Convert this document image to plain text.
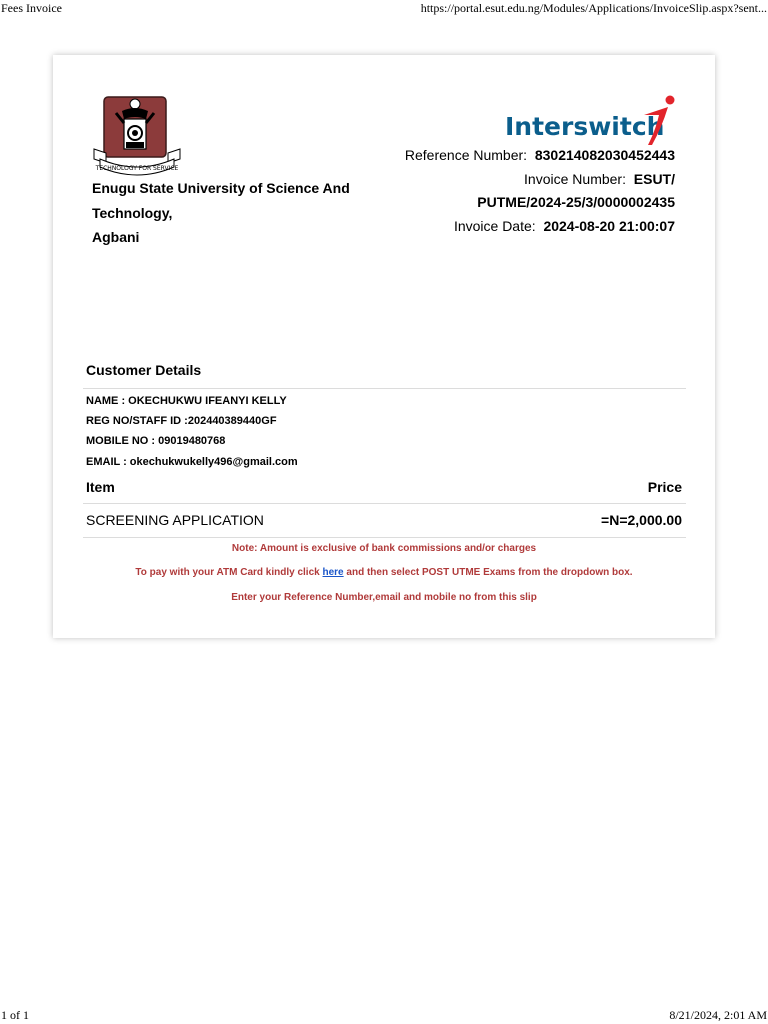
Fees Invoice	https://portal.esut.edu.ng/Modules/Applications/InvoiceSlip.aspx?sent...
TECHNOLOGY FOR SERVICE
Enugu State University of Science And
Technology,
Agbani
Interswitch
Reference Number: 830214082030452443
Invoice Number: ESUT/
PUTME/2024-25/3/0000002435
Invoice Date: 2024-08-20 21:00:07
Customer Details
NAME : OKECHUKWU IFEANYI KELLY
REG NO/STAFF ID :202440389440GF
MOBILE NO : 09019480768
EMAIL : okechukwukelly496@gmail.com
Item	Price
SCREENING APPLICATION	=N=2,000.00
Note: Amount is exclusive of bank commissions and/or charges
To pay with your ATM Card kindly click here and then select POST UTME Exams from the dropdown box.
Enter your Reference Number,email and mobile no from this slip
1 of 1	8/21/2024, 2:01 AM
